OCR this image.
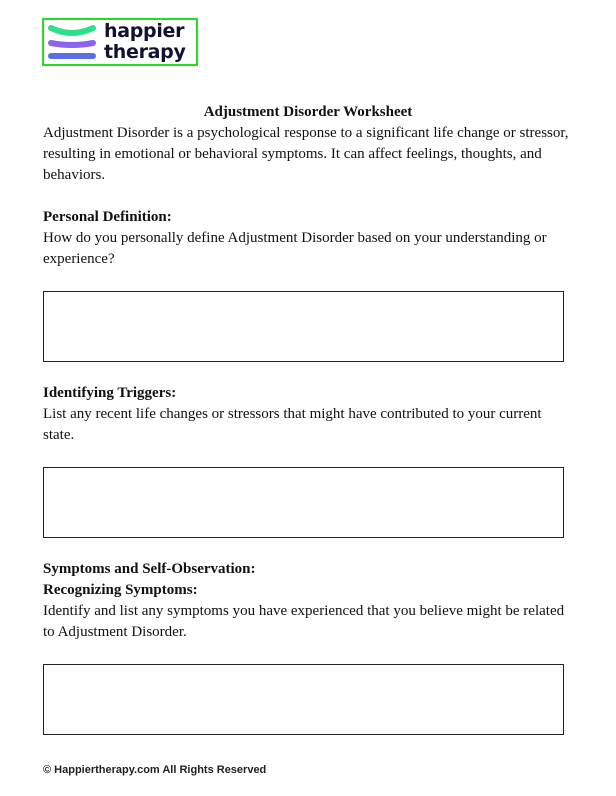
happier
therapy

Adjustment Disorder Worksheet

Adjustment Disorder is a psychological response to a significant life change or stressor, resulting in emotional or behavioral symptoms. It can affect feelings, thoughts, and behaviors.

Personal Definition:

How do you personally define Adjustment Disorder based on your understanding or experience?

Identifying Triggers:

List any recent life changes or stressors that might have contributed to your current state.

Symptoms and Self-Observation:

Recognizing Symptoms:

Identify and list any symptoms you have experienced that you believe might be related to Adjustment Disorder.

© Happiertherapy.com All Rights Reserved
